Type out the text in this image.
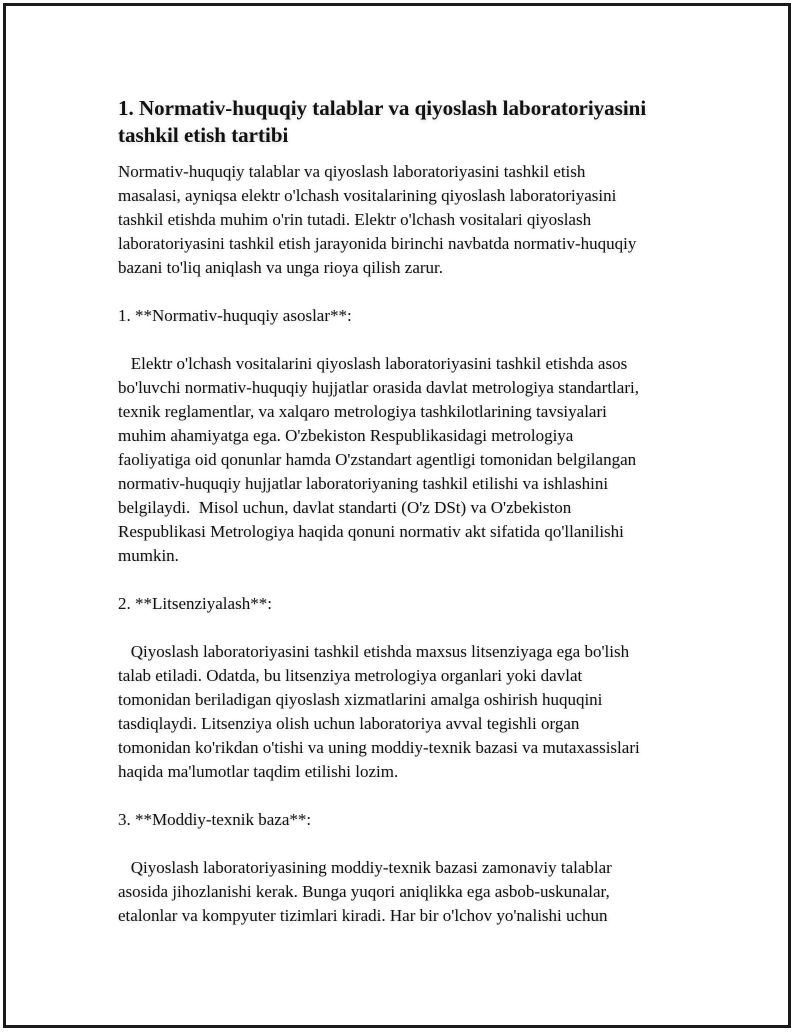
1. Normativ-huquqiy talablar va qiyoslash laboratoriyasini
tashkil etish tartibi

Normativ-huquqiy talablar va qiyoslash laboratoriyasini tashkil etish
masalasi, ayniqsa elektr o'lchash vositalarining qiyoslash laboratoriyasini
tashkil etishda muhim o'rin tutadi. Elektr o'lchash vositalari qiyoslash
laboratoriyasini tashkil etish jarayonida birinchi navbatda normativ-huquqiy
bazani to'liq aniqlash va unga rioya qilish zarur.

1. **Normativ-huquqiy asoslar**:

Elektr o'lchash vositalarini qiyoslash laboratoriyasini tashkil etishda asos
bo'luvchi normativ-huquqiy hujjatlar orasida davlat metrologiya standartlari,
texnik reglamentlar, va xalqaro metrologiya tashkilotlarining tavsiyalari
muhim ahamiyatga ega. O'zbekiston Respublikasidagi metrologiya
faoliyatiga oid qonunlar hamda O'zstandart agentligi tomonidan belgilangan
normativ-huquqiy hujjatlar laboratoriyaning tashkil etilishi va ishlashini
belgilaydi.  Misol uchun, davlat standarti (O'z DSt) va O'zbekiston
Respublikasi Metrologiya haqida qonuni normativ akt sifatida qo'llanilishi
mumkin.

2. **Litsenziyalash**:

Qiyoslash laboratoriyasini tashkil etishda maxsus litsenziyaga ega bo'lish
talab etiladi. Odatda, bu litsenziya metrologiya organlari yoki davlat
tomonidan beriladigan qiyoslash xizmatlarini amalga oshirish huquqini
tasdiqlaydi. Litsenziya olish uchun laboratoriya avval tegishli organ
tomonidan ko'rikdan o'tishi va uning moddiy-texnik bazasi va mutaxassislari
haqida ma'lumotlar taqdim etilishi lozim.

3. **Moddiy-texnik baza**:

Qiyoslash laboratoriyasining moddiy-texnik bazasi zamonaviy talablar
asosida jihozlanishi kerak. Bunga yuqori aniqlikka ega asbob-uskunalar,
etalonlar va kompyuter tizimlari kiradi. Har bir o'lchov yo'nalishi uchun
